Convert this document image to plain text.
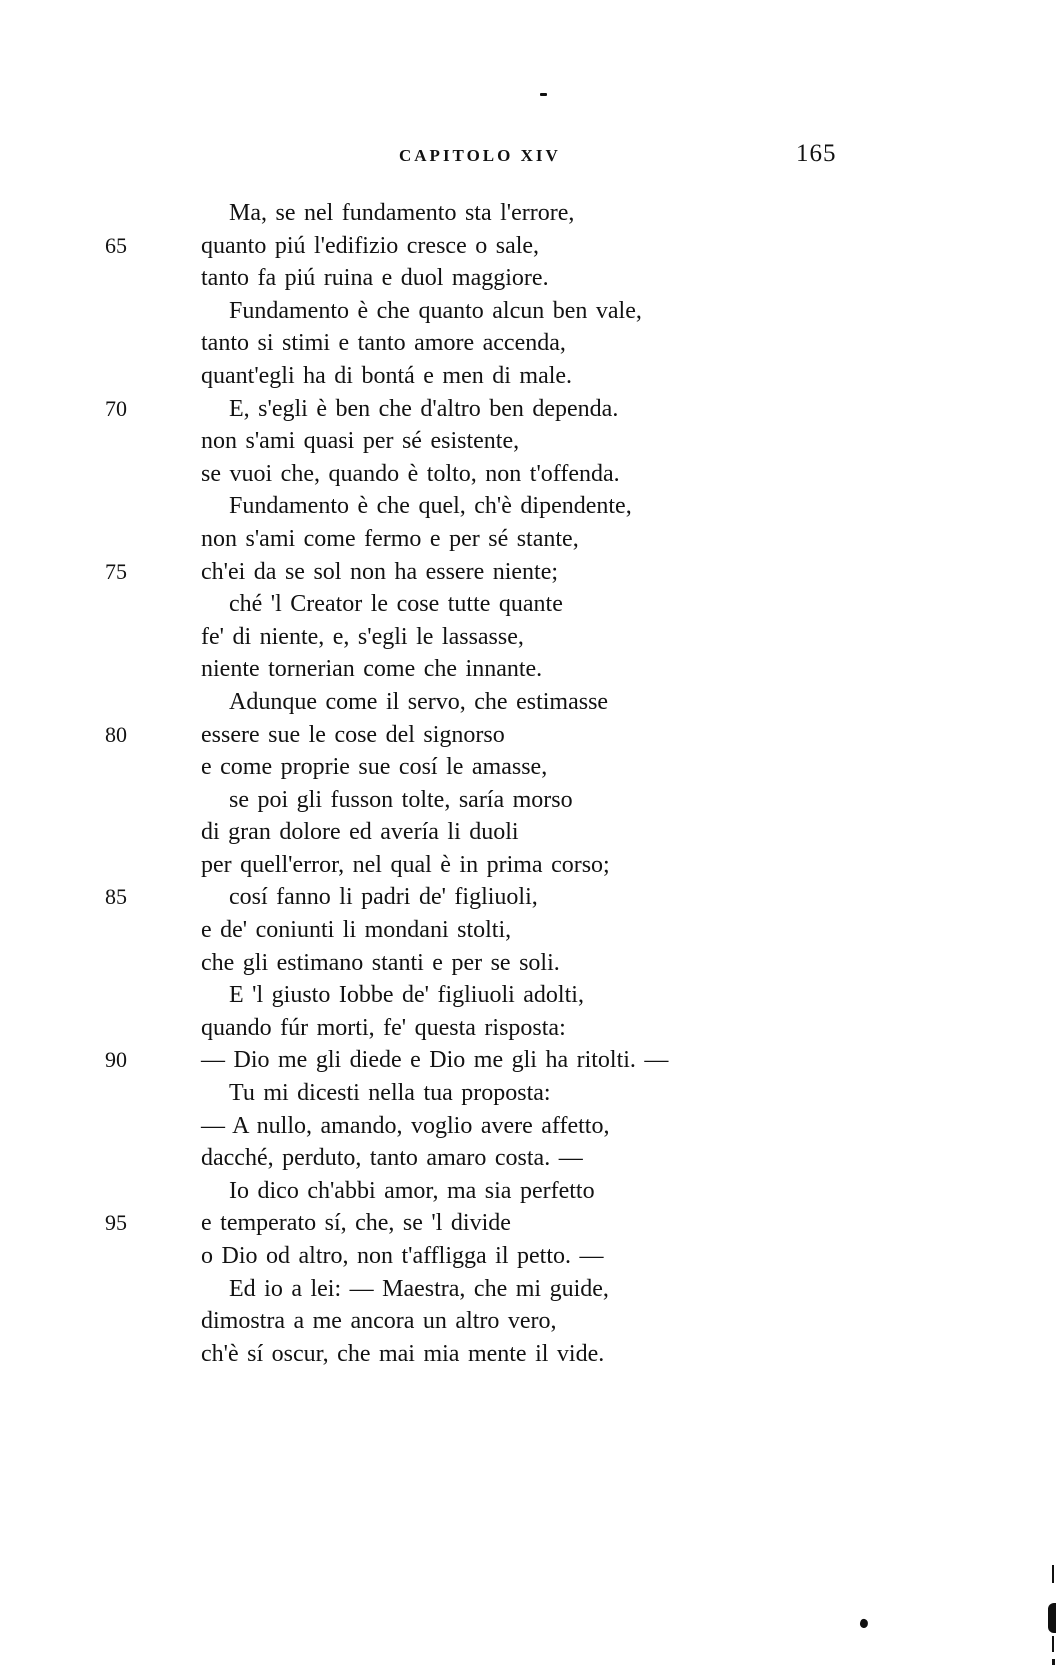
CAPITOLO XIV	165
Ma, se nel fundamento sta l'errore,
65	quanto piú l'edifizio cresce o sale,
tanto fa piú ruina e duol maggiore.
Fundamento è che quanto alcun ben vale,
tanto si stimi e tanto amore accenda,
quant'egli ha di bontá e men di male.
70	E, s'egli è ben che d'altro ben dependa.
non s'ami quasi per sé esistente,
se vuoi che, quando è tolto, non t'offenda.
Fundamento è che quel, ch'è dipendente,
non s'ami come fermo e per sé stante,
75	ch'ei da se sol non ha essere niente;
ché 'l Creator le cose tutte quante
fe' di niente, e, s'egli le lassasse,
niente tornerian come che innante.
Adunque come il servo, che estimasse
80	essere sue le cose del signorso
e come proprie sue cosí le amasse,
se poi gli fusson tolte, saría morso
di gran dolore ed avería li duoli
per quell'error, nel qual è in prima corso;
85	cosí fanno li padri de' figliuoli,
e de' coniunti li mondani stolti,
che gli estimano stanti e per se soli.
E 'l giusto Iobbe de' figliuoli adolti,
quando fúr morti, fe' questa risposta:
90	— Dio me gli diede e Dio me gli ha ritolti. —
Tu mi dicesti nella tua proposta:
— A nullo, amando, voglio avere affetto,
dacché, perduto, tanto amaro costa. —
Io dico ch'abbi amor, ma sia perfetto
95	e temperato sí, che, se 'l divide
o Dio od altro, non t'affligga il petto. —
Ed io a lei: — Maestra, che mi guide,
dimostra a me ancora un altro vero,
ch'è sí oscur, che mai mia mente il vide.
